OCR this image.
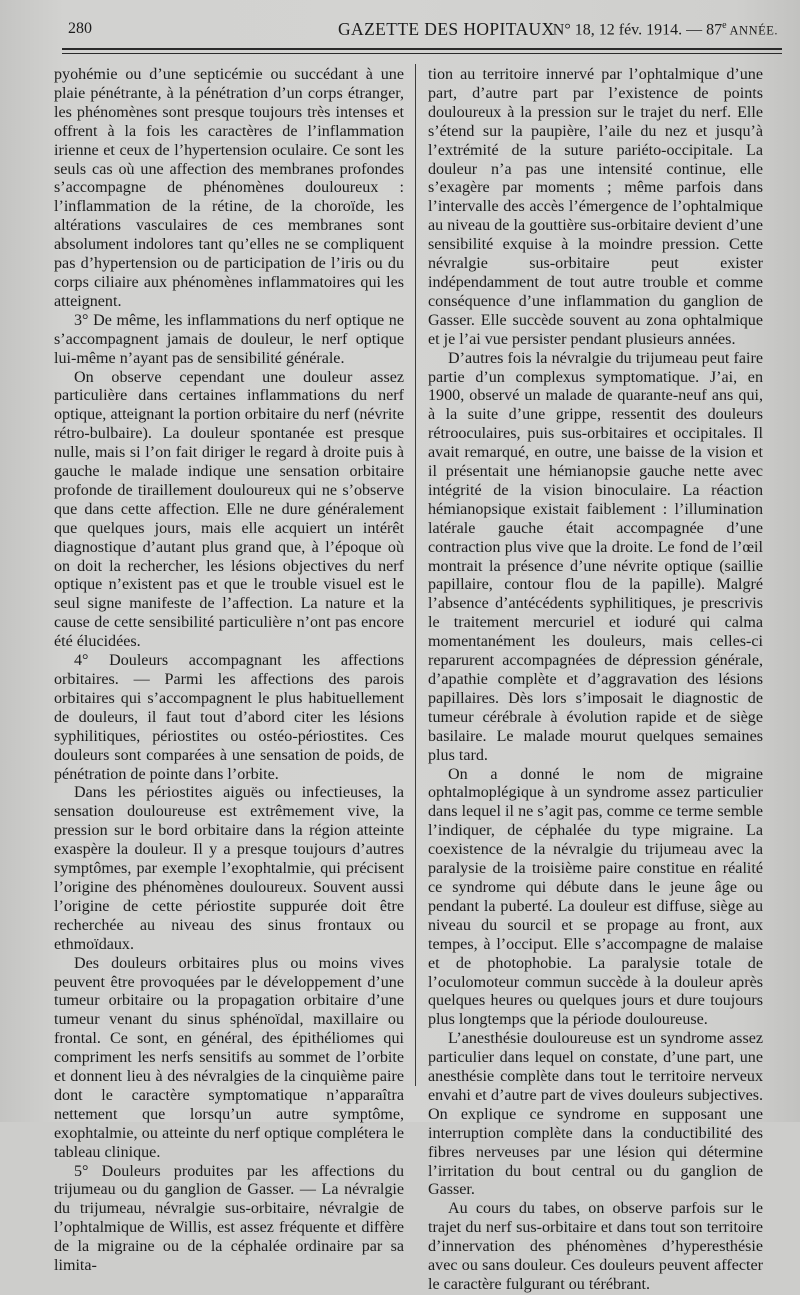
280	GAZETTE DES HOPITAUX
N° 18, 12 fév. 1914. — 87e ANNÉE.

pyohémie ou d’une septicémie ou succédant à une plaie pénétrante, à la pénétration d’un corps étranger, les phénomènes sont presque toujours très intenses et offrent à la fois les caractères de l’inflammation irienne et ceux de l’hypertension oculaire. Ce sont les seuls cas où une affection des membranes profondes s’accompagne de phénomènes douloureux : l’inflammation de la rétine, de la choroïde, les altérations vasculaires de ces membranes sont absolument indolores tant qu’elles ne se compliquent pas d’hypertension ou de participation de l’iris ou du corps ciliaire aux phénomènes inflammatoires qui les atteignent.

3° De même, les inflammations du nerf optique ne s’accompagnent jamais de douleur, le nerf optique lui-même n’ayant pas de sensibilité générale.

On observe cependant une douleur assez particulière dans certaines inflammations du nerf optique, atteignant la portion orbitaire du nerf (névrite rétro-bulbaire). La douleur spontanée est presque nulle, mais si l’on fait diriger le regard à droite puis à gauche le malade indique une sensation orbitaire profonde de tiraillement douloureux qui ne s’observe que dans cette affection. Elle ne dure généralement que quelques jours, mais elle acquiert un intérêt diagnostique d’autant plus grand que, à l’époque où on doit la rechercher, les lésions objectives du nerf optique n’existent pas et que le trouble visuel est le seul signe manifeste de l’affection. La nature et la cause de cette sensibilité particulière n’ont pas encore été élucidées.

4° Douleurs accompagnant les affections orbitaires. — Parmi les affections des parois orbitaires qui s’accompagnent le plus habituellement de douleurs, il faut tout d’abord citer les lésions syphilitiques, périostites ou ostéo-périostites. Ces douleurs sont comparées à une sensation de poids, de pénétration de pointe dans l’orbite.

Dans les périostites aiguës ou infectieuses, la sensation douloureuse est extrêmement vive, la pression sur le bord orbitaire dans la région atteinte exaspère la douleur. Il y a presque toujours d’autres symptômes, par exemple l’exophtalmie, qui précisent l’origine des phénomènes douloureux. Souvent aussi l’origine de cette périostite suppurée doit être recherchée au niveau des sinus frontaux ou ethmoïdaux.

Des douleurs orbitaires plus ou moins vives peuvent être provoquées par le développement d’une tumeur orbitaire ou la propagation orbitaire d’une tumeur venant du sinus sphénoïdal, maxillaire ou frontal. Ce sont, en général, des épithéliomes qui compriment les nerfs sensitifs au sommet de l’orbite et donnent lieu à des névralgies de la cinquième paire dont le caractère symptomatique n’apparaîtra nettement que lorsqu’un autre symptôme, exophtalmie, ou atteinte du nerf optique complétera le tableau clinique.

5° Douleurs produites par les affections du trijumeau ou du ganglion de Gasser. — La névralgie du trijumeau, névralgie sus-orbitaire, névralgie de l’ophtalmique de Willis, est assez fréquente et diffère de la migraine ou de la céphalée ordinaire par sa limita-

tion au territoire innervé par l’ophtalmique d’une part, d’autre part par l’existence de points douloureux à la pression sur le trajet du nerf. Elle s’étend sur la paupière, l’aile du nez et jusqu’à l’extrémité de la suture pariéto-occipitale. La douleur n’a pas une intensité continue, elle s’exagère par moments ; même parfois dans l’intervalle des accès l’émergence de l’ophtalmique au niveau de la gouttière sus-orbitaire devient d’une sensibilité exquise à la moindre pression. Cette névralgie sus-orbitaire peut exister indépendamment de tout autre trouble et comme conséquence d’une inflammation du ganglion de Gasser. Elle succède souvent au zona ophtalmique et je l’ai vue persister pendant plusieurs années.

D’autres fois la névralgie du trijumeau peut faire partie d’un complexus symptomatique. J’ai, en 1900, observé un malade de quarante-neuf ans qui, à la suite d’une grippe, ressentit des douleurs rétrooculaires, puis sus-orbitaires et occipitales. Il avait remarqué, en outre, une baisse de la vision et il présentait une hémianopsie gauche nette avec intégrité de la vision binoculaire. La réaction hémianopsique existait faiblement : l’illumination latérale gauche était accompagnée d’une contraction plus vive que la droite. Le fond de l’œil montrait la présence d’une névrite optique (saillie papillaire, contour flou de la papille). Malgré l’absence d’antécédents syphilitiques, je prescrivis le traitement mercuriel et ioduré qui calma momentanément les douleurs, mais celles-ci reparurent accompagnées de dépression générale, d’apathie complète et d’aggravation des lésions papillaires. Dès lors s’imposait le diagnostic de tumeur cérébrale à évolution rapide et de siège basilaire. Le malade mourut quelques semaines plus tard.

On a donné le nom de migraine ophtalmoplégique à un syndrome assez particulier dans lequel il ne s’agit pas, comme ce terme semble l’indiquer, de céphalée du type migraine. La coexistence de la névralgie du trijumeau avec la paralysie de la troisième paire constitue en réalité ce syndrome qui débute dans le jeune âge ou pendant la puberté. La douleur est diffuse, siège au niveau du sourcil et se propage au front, aux tempes, à l’occiput. Elle s’accompagne de malaise et de photophobie. La paralysie totale de l’oculomoteur commun succède à la douleur après quelques heures ou quelques jours et dure toujours plus longtemps que la période douloureuse.

L’anesthésie douloureuse est un syndrome assez particulier dans lequel on constate, d’une part, une anesthésie complète dans tout le territoire nerveux envahi et d’autre part de vives douleurs subjectives. On explique ce syndrome en supposant une interruption complète dans la conductibilité des fibres nerveuses par une lésion qui détermine l’irritation du bout central ou du ganglion de Gasser.

Au cours du tabes, on observe parfois sur le trajet du nerf sus-orbitaire et dans tout son territoire d’innervation des phénomènes d’hyperesthésie avec ou sans douleur. Ces douleurs peuvent affecter le caractère fulgurant ou térébrant.
